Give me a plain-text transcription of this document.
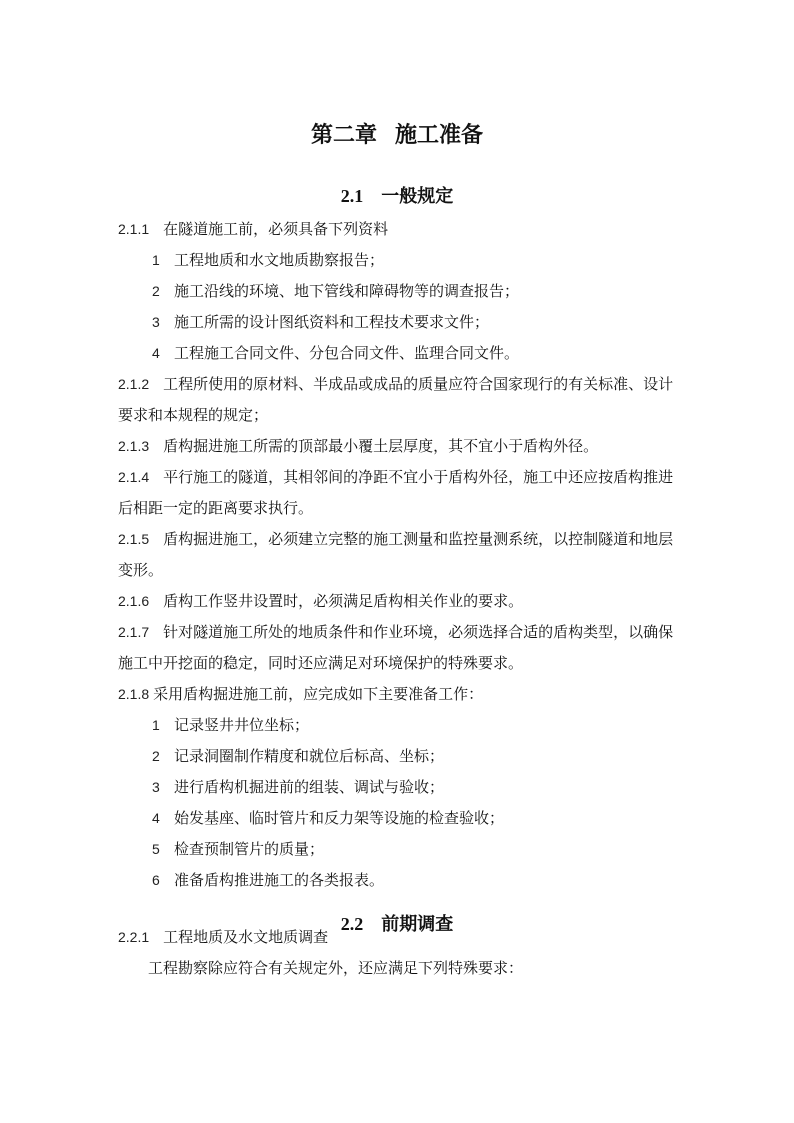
第二章 施工准备
2.1 一般规定

2.1.1 在隧道施工前，必须具备下列资料

1 工程地质和水文地质勘察报告；

2 施工沿线的环境、地下管线和障碍物等的调查报告；

3 施工所需的设计图纸资料和工程技术要求文件；

4 工程施工合同文件、分包合同文件、监理合同文件。

2.1.2 工程所使用的原材料、半成品或成品的质量应符合国家现行的有关标准、设计要求和本规程的规定；

2.1.3 盾构掘进施工所需的顶部最小覆土层厚度，其不宜小于盾构外径。

2.1.4 平行施工的隧道，其相邻间的净距不宜小于盾构外径，施工中还应按盾构推进后相距一定的距离要求执行。

2.1.5 盾构掘进施工，必须建立完整的施工测量和监控量测系统，以控制隧道和地层变形。

2.1.6 盾构工作竖井设置时，必须满足盾构相关作业的要求。

2.1.7 针对隧道施工所处的地质条件和作业环境，必须选择合适的盾构类型，以确保施工中开挖面的稳定，同时还应满足对环境保护的特殊要求。

2.1.8 采用盾构掘进施工前，应完成如下主要准备工作：

1 记录竖井井位坐标；

2 记录洞圈制作精度和就位后标高、坐标；

3 进行盾构机掘进前的组装、调试与验收；

4 始发基座、临时管片和反力架等设施的检查验收；

5 检查预制管片的质量；

6 准备盾构推进施工的各类报表。

2.2.1 工程地质及水文地质调查

工程勘察除应符合有关规定外，还应满足下列特殊要求：

2.2 前期调查
